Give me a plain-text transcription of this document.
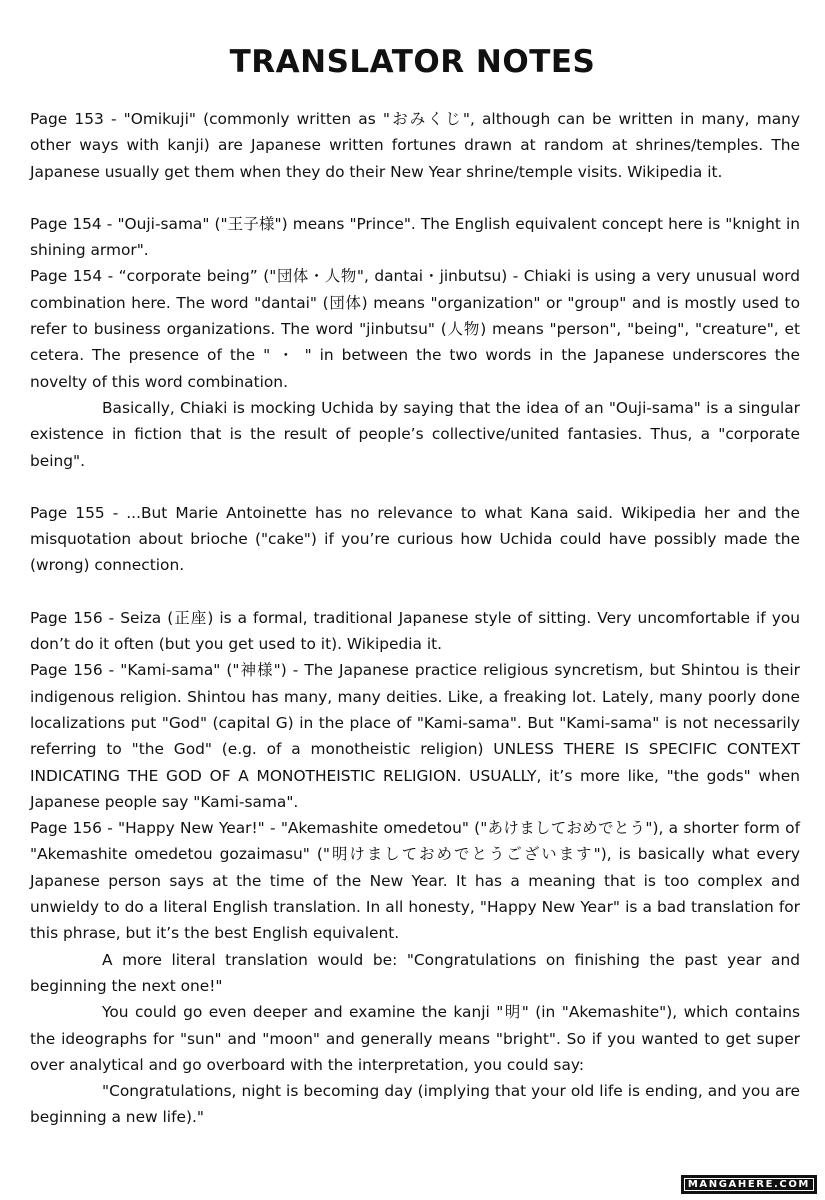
TRANSLATOR NOTES

Page 153 - "Omikuji" (commonly written as "おみくじ", although can be written in many, many other ways with kanji) are Japanese written fortunes drawn at random at shrines/temples. The Japanese usually get them when they do their New Year shrine/temple visits. Wikipedia it.

Page 154 - "Ouji-sama" ("王子様") means "Prince". The English equivalent concept here is "knight in shining armor".

Page 154 - “corporate being” ("団体・人物", dantai・jinbutsu) - Chiaki is using a very unusual word combination here. The word "dantai" (団体) means "organization" or "group" and is mostly used to refer to business organizations. The word "jinbutsu" (人物) means "person", "being", "creature", et cetera. The presence of the " ・ " in between the two words in the Japanese underscores the novelty of this word combination.

Basically, Chiaki is mocking Uchida by saying that the idea of an "Ouji-sama" is a singular existence in fiction that is the result of people’s collective/united fantasies. Thus, a "corporate being".

Page 155 - ...But Marie Antoinette has no relevance to what Kana said. Wikipedia her and the misquotation about brioche ("cake") if you’re curious how Uchida could have possibly made the (wrong) connection.

Page 156 - Seiza (正座) is a formal, traditional Japanese style of sitting. Very uncomfortable if you don’t do it often (but you get used to it). Wikipedia it.

Page 156 - "Kami-sama" ("神様") - The Japanese practice religious syncretism, but Shintou is their indigenous religion. Shintou has many, many deities. Like, a freaking lot. Lately, many poorly done localizations put "God" (capital G) in the place of "Kami-sama". But "Kami-sama" is not necessarily referring to "the God" (e.g. of a monotheistic religion) UNLESS THERE IS SPECIFIC CONTEXT INDICATING THE GOD OF A MONOTHEISTIC RELIGION. USUALLY, it’s more like, "the gods" when Japanese people say "Kami-sama".

Page 156 - "Happy New Year!" - "Akemashite omedetou" ("あけましておめでとう"), a shorter form of "Akemashite omedetou gozaimasu" ("明けましておめでとうございます"), is basically what every Japanese person says at the time of the New Year. It has a meaning that is too complex and unwieldy to do a literal English translation. In all honesty, "Happy New Year" is a bad translation for this phrase, but it’s the best English equivalent.

A more literal translation would be: "Congratulations on finishing the past year and beginning the next one!"

You could go even deeper and examine the kanji "明" (in "Akemashite"), which contains the ideographs for "sun" and "moon" and generally means "bright". So if you wanted to get super over analytical and go overboard with the interpretation, you could say:

"Congratulations, night is becoming day (implying that your old life is ending, and you are beginning a new life)."

MANGAHERE.COM
